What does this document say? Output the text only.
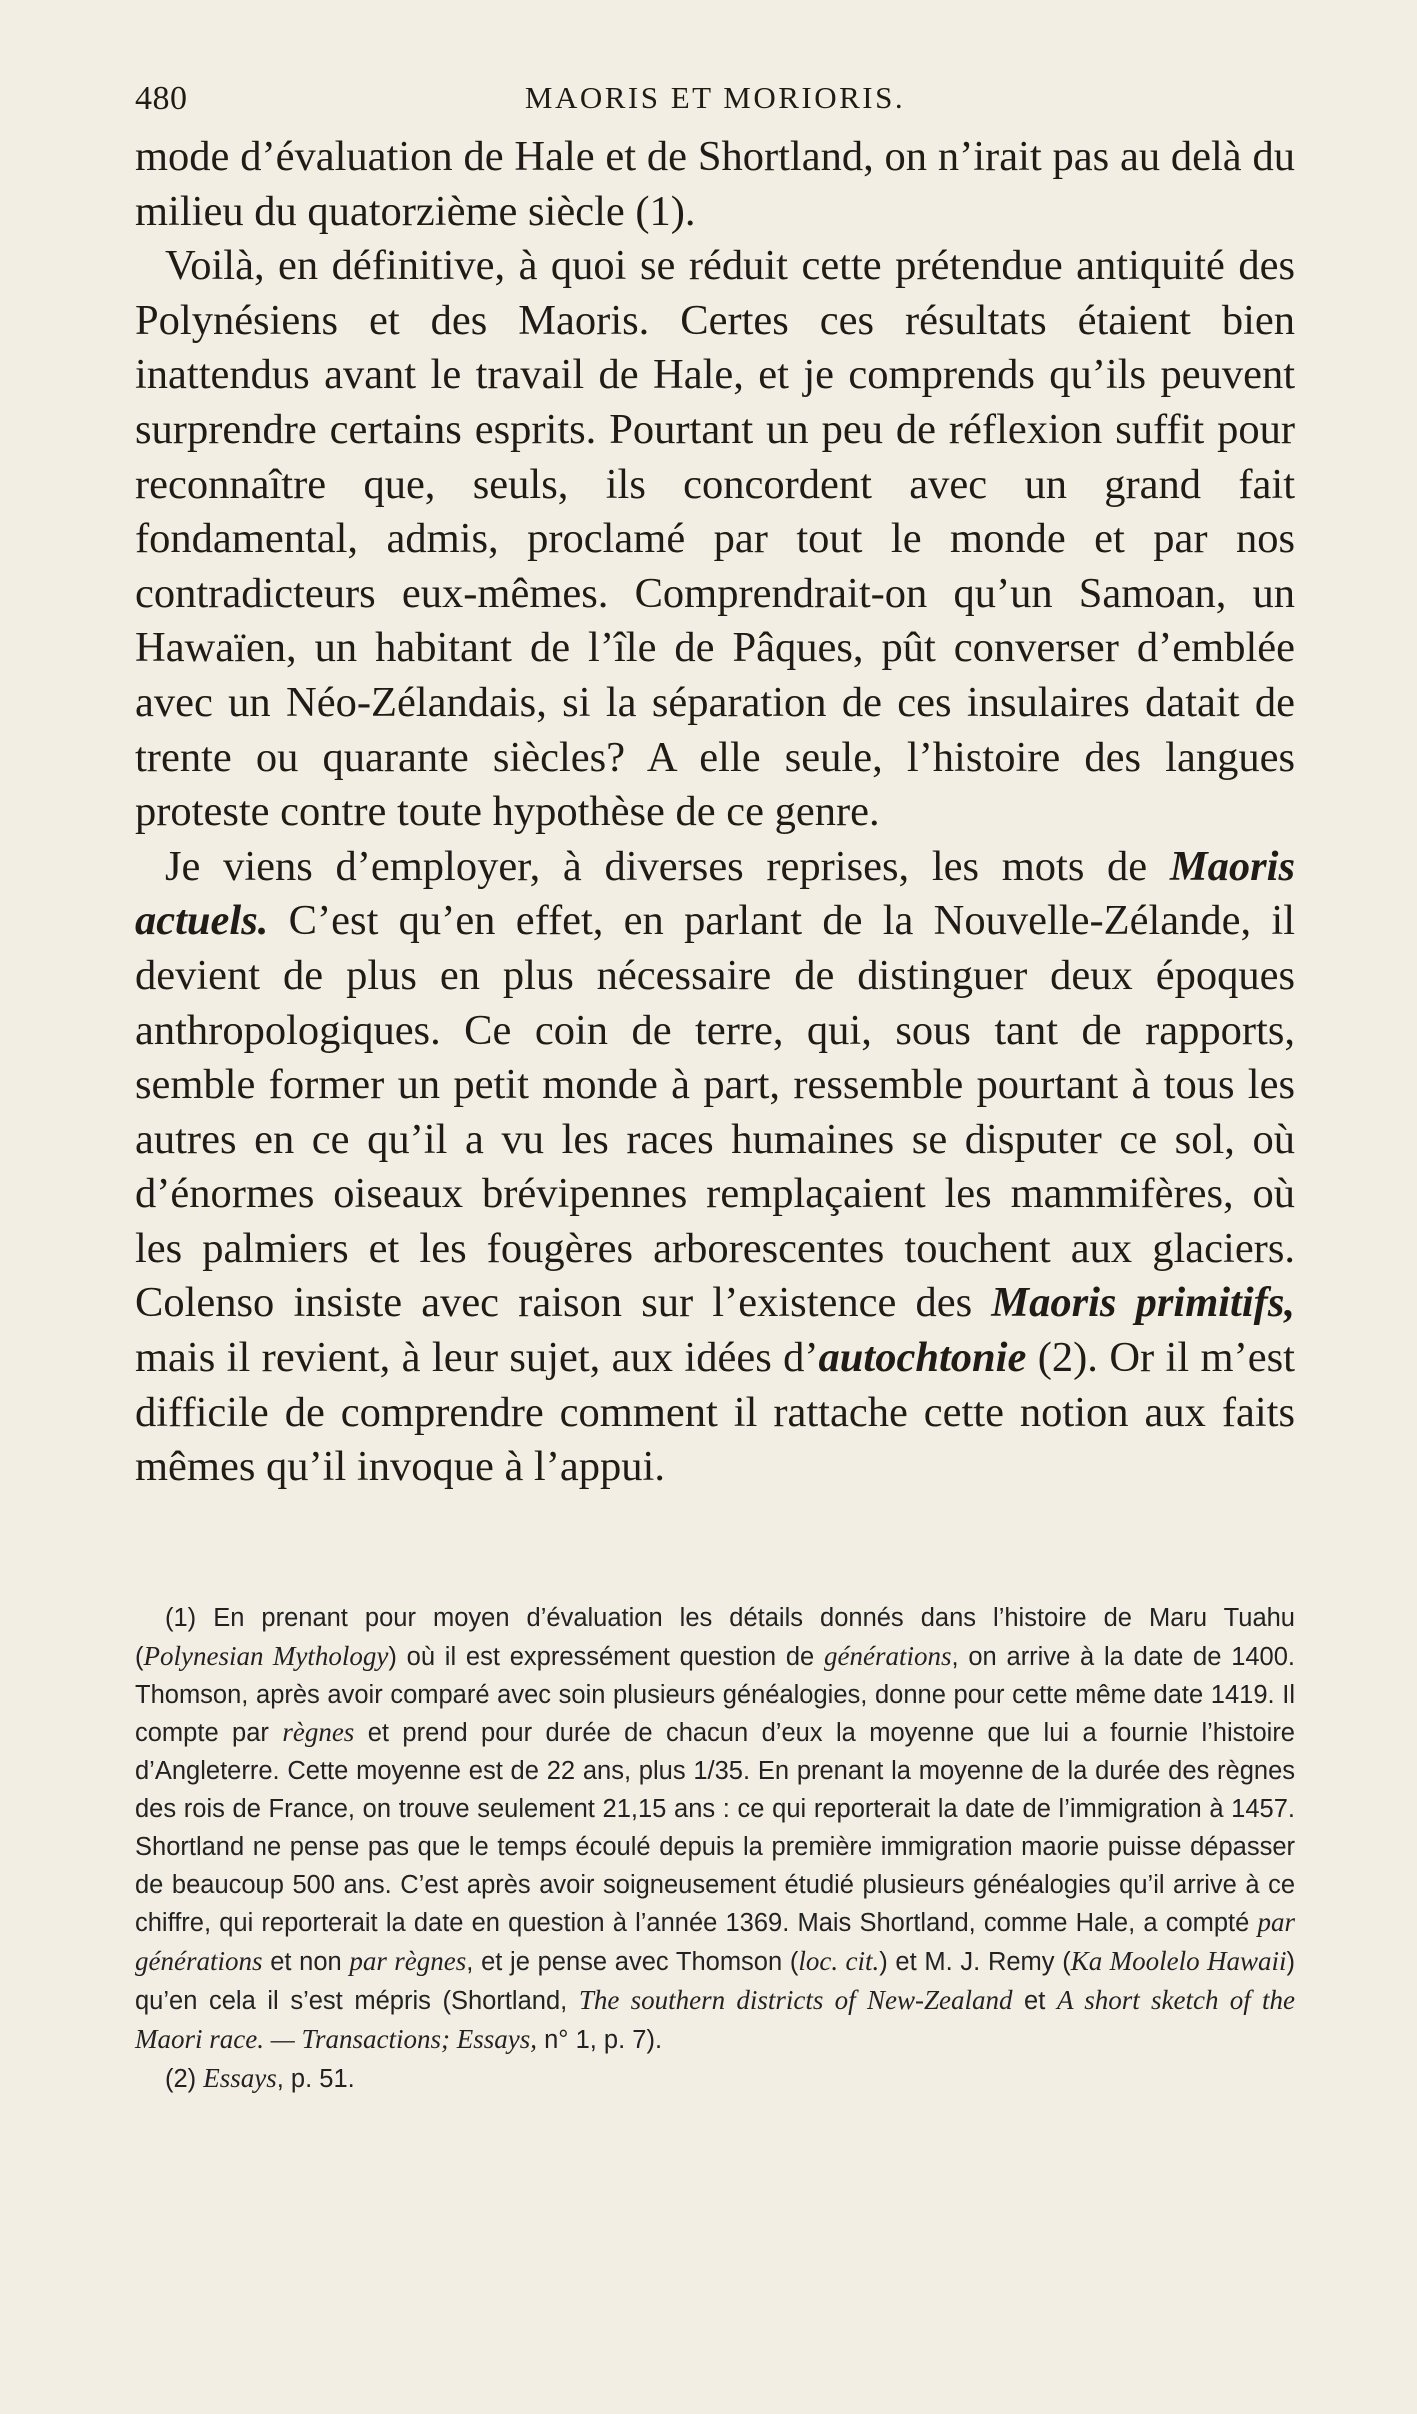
480	MAORIS ET MORIORIS.

mode d’évaluation de Hale et de Shortland, on n’irait pas au delà du milieu du quatorzième siècle (1).

Voilà, en définitive, à quoi se réduit cette prétendue antiquité des Polynésiens et des Maoris. Certes ces résultats étaient bien inattendus avant le travail de Hale, et je comprends qu’ils peuvent surprendre certains esprits. Pourtant un peu de réflexion suffit pour reconnaître que, seuls, ils concordent avec un grand fait fondamental, admis, proclamé par tout le monde et par nos contradicteurs eux-mêmes. Comprendrait-on qu’un Samoan, un Hawaïen, un habitant de l’île de Pâques, pût converser d’emblée avec un Néo-Zélandais, si la séparation de ces insulaires datait de trente ou quarante siècles? A elle seule, l’histoire des langues proteste contre toute hypothèse de ce genre.

Je viens d’employer, à diverses reprises, les mots de Maoris actuels. C’est qu’en effet, en parlant de la Nouvelle-Zélande, il devient de plus en plus nécessaire de distinguer deux époques anthropologiques. Ce coin de terre, qui, sous tant de rapports, semble former un petit monde à part, ressemble pourtant à tous les autres en ce qu’il a vu les races humaines se disputer ce sol, où d’énormes oiseaux brévipennes remplaçaient les mammifères, où les palmiers et les fougères arborescentes touchent aux glaciers. Colenso insiste avec raison sur l’existence des Maoris primitifs, mais il revient, à leur sujet, aux idées d’autochtonie (2). Or il m’est difficile de comprendre comment il rattache cette notion aux faits mêmes qu’il invoque à l’appui.

(1) En prenant pour moyen d’évaluation les détails donnés dans l’histoire de Maru Tuahu (Polynesian Mythology) où il est expressément question de générations, on arrive à la date de 1400. Thomson, après avoir comparé avec soin plusieurs généalogies, donne pour cette même date 1419. Il compte par règnes et prend pour durée de chacun d’eux la moyenne que lui a fournie l’histoire d’Angleterre. Cette moyenne est de 22 ans, plus 1/35. En prenant la moyenne de la durée des règnes des rois de France, on trouve seulement 21,15 ans : ce qui reporterait la date de l’immigration à 1457. Shortland ne pense pas que le temps écoulé depuis la première immigration maorie puisse dépasser de beaucoup 500 ans. C’est après avoir soigneusement étudié plusieurs généalogies qu’il arrive à ce chiffre, qui reporterait la date en question à l’année 1369. Mais Shortland, comme Hale, a compté par générations et non par règnes, et je pense avec Thomson (loc. cit.) et M. J. Remy (Ka Moolelo Hawaii) qu’en cela il s’est mépris (Shortland, The southern districts of New-Zealand et A short sketch of the Maori race. — Transactions; Essays, n° 1, p. 7).

(2) Essays, p. 51.
